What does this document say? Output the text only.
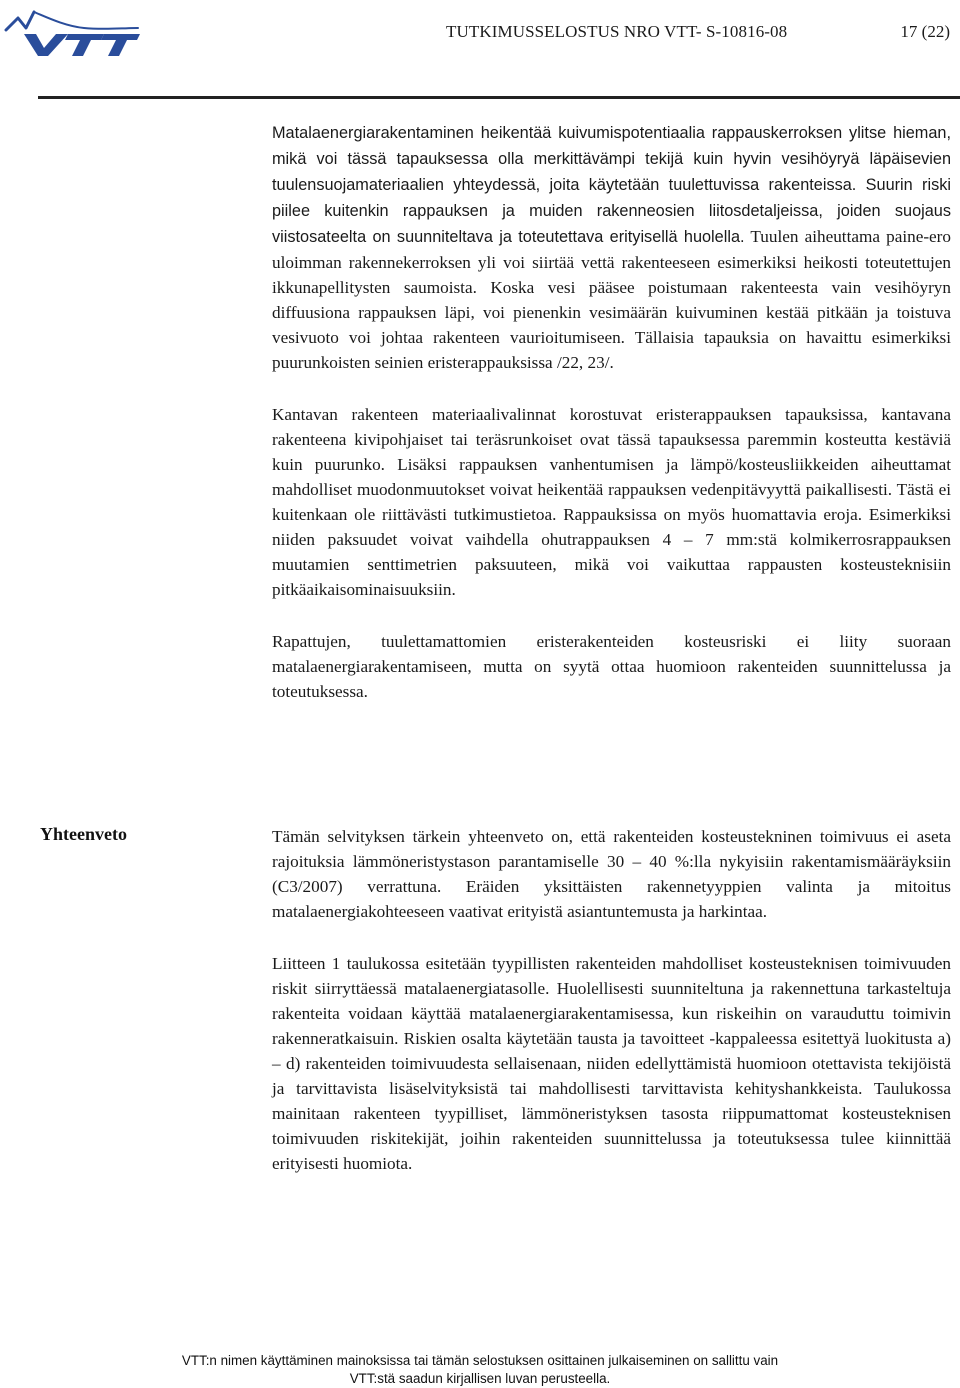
TUTKIMUSSELOSTUS NRO VTT- S-10816-08	17 (22)

Matalaenergiarakentaminen heikentää kuivumispotentiaalia rappauskerroksen ylitse hieman, mikä voi tässä tapauksessa olla merkittävämpi tekijä kuin hyvin vesihöyryä läpäisevien tuulensuojamateriaalien yhteydessä, joita käytetään tuulettuvissa rakenteissa. Suurin riski piilee kuitenkin rappauksen ja muiden rakenneosien liitosdetaljeissa, joiden suojaus viistosateelta on suunniteltava ja toteutettava erityisellä huolella. Tuulen aiheuttama paine-ero uloimman rakennekerroksen yli voi siirtää vettä rakenteeseen esimerkiksi heikosti toteutettujen ikkunapellitysten saumoista. Koska vesi pääsee poistumaan rakenteesta vain vesihöyryn diffuusiona rappauksen läpi, voi pienenkin vesimäärän kuivuminen kestää pitkään ja toistuva vesivuoto voi johtaa rakenteen vaurioitumiseen. Tällaisia tapauksia on havaittu esimerkiksi puurunkoisten seinien eristerappauksissa /22, 23/.

Kantavan rakenteen materiaalivalinnat korostuvat eristerappauksen tapauksissa, kantavana rakenteena kivipohjaiset tai teräsrunkoiset ovat tässä tapauksessa paremmin kosteutta kestäviä kuin puurunko. Lisäksi rappauksen vanhentumisen ja lämpö/kosteusliikkeiden aiheuttamat mahdolliset muodonmuutokset voivat heikentää rappauksen vedenpitävyyttä paikallisesti. Tästä ei kuitenkaan ole riittävästi tutkimustietoa. Rappauksissa on myös huomattavia eroja. Esimerkiksi niiden paksuudet voivat vaihdella ohutrappauksen 4 – 7 mm:stä kolmikerrosrappauksen muutamien senttimetrien paksuuteen, mikä voi vaikuttaa rappausten kosteusteknisiin pitkäaikaisominaisuuksiin.

Rapattujen, tuulettamattomien eristerakenteiden kosteusriski ei liity suoraan matalaenergiarakentamiseen, mutta on syytä ottaa huomioon rakenteiden suunnittelussa ja toteutuksessa.

Yhteenveto	Tämän selvityksen tärkein yhteenveto on, että rakenteiden kosteustekninen toimivuus ei aseta rajoituksia lämmöneristystason parantamiselle 30 – 40 %:lla nykyisiin rakentamismääräyksiin (C3/2007) verrattuna. Eräiden yksittäisten rakennetyyppien valinta ja mitoitus matalaenergiakohteeseen vaativat erityistä asiantuntemusta ja harkintaa.

Liitteen 1 taulukossa esitetään tyypillisten rakenteiden mahdolliset kosteusteknisen toimivuuden riskit siirryttäessä matalaenergiatasolle. Huolellisesti suunniteltuna ja rakennettuna tarkasteltuja rakenteita voidaan käyttää matalaenergiarakentamisessa, kun riskeihin on varauduttu toimivin rakenneratkaisuin. Riskien osalta käytetään tausta ja tavoitteet -kappaleessa esitettyä luokitusta a) – d) rakenteiden toimivuudesta sellaisenaan, niiden edellyttämistä huomioon otettavista tekijöistä ja tarvittavista lisäselvityksistä tai mahdollisesti tarvittavista kehityshankkeista. Taulukossa mainitaan rakenteen tyypilliset, lämmöneristyksen tasosta riippumattomat kosteusteknisen toimivuuden riskitekijät, joihin rakenteiden suunnittelussa ja toteutuksessa tulee kiinnittää erityisesti huomiota.

VTT:n nimen käyttäminen mainoksissa tai tämän selostuksen osittainen julkaiseminen on sallittu vain
VTT:stä saadun kirjallisen luvan perusteella.
